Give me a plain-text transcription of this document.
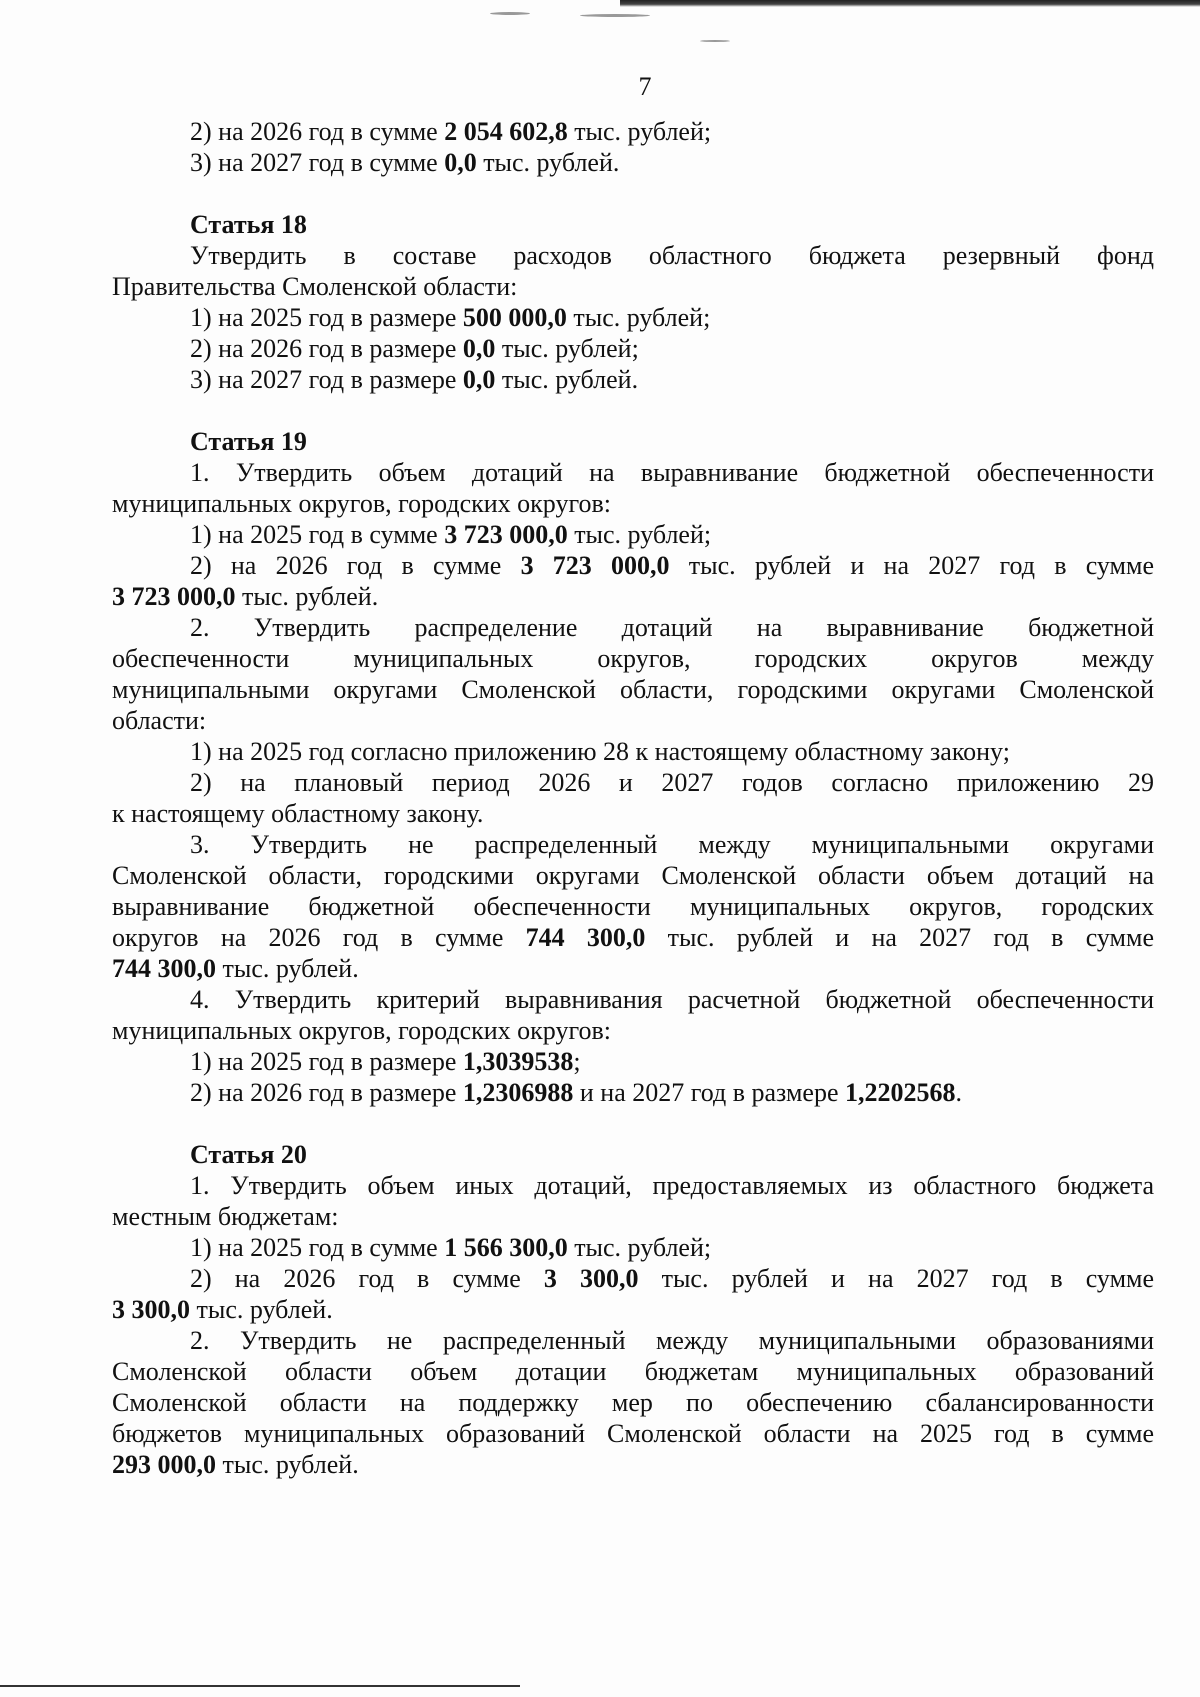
7
2) на 2026 год в сумме 2 054 602,8 тыс. рублей;
3) на 2027 год в сумме 0,0 тыс. рублей.
Статья 18
Утвердить в составе расходов областного бюджета резервный фонд
Правительства Смоленской области:
1) на 2025 год в размере 500 000,0 тыс. рублей;
2) на 2026 год в размере 0,0 тыс. рублей;
3) на 2027 год в размере 0,0 тыс. рублей.
Статья 19
1. Утвердить объем дотаций на выравнивание бюджетной обеспеченности
муниципальных округов, городских округов:
1) на 2025 год в сумме 3 723 000,0 тыс. рублей;
2) на 2026 год в сумме 3 723 000,0 тыс. рублей и на 2027 год в сумме
3 723 000,0 тыс. рублей.
2. Утвердить распределение дотаций на выравнивание бюджетной
обеспеченности муниципальных округов, городских округов между
муниципальными округами Смоленской области, городскими округами Смоленской
области:
1) на 2025 год согласно приложению 28 к настоящему областному закону;
2) на плановый период 2026 и 2027 годов согласно приложению 29
к настоящему областному закону.
3. Утвердить не распределенный между муниципальными округами
Смоленской области, городскими округами Смоленской области объем дотаций на
выравнивание бюджетной обеспеченности муниципальных округов, городских
округов на 2026 год в сумме 744 300,0 тыс. рублей и на 2027 год в сумме
744 300,0 тыс. рублей.
4. Утвердить критерий выравнивания расчетной бюджетной обеспеченности
муниципальных округов, городских округов:
1) на 2025 год в размере 1,3039538;
2) на 2026 год в размере 1,2306988 и на 2027 год в размере 1,2202568.
Статья 20
1. Утвердить объем иных дотаций, предоставляемых из областного бюджета
местным бюджетам:
1) на 2025 год в сумме 1 566 300,0 тыс. рублей;
2) на 2026 год в сумме 3 300,0 тыс. рублей и на 2027 год в сумме
3 300,0 тыс. рублей.
2. Утвердить не распределенный между муниципальными образованиями
Смоленской области объем дотации бюджетам муниципальных образований
Смоленской области на поддержку мер по обеспечению сбалансированности
бюджетов муниципальных образований Смоленской области на 2025 год в сумме
293 000,0 тыс. рублей.
